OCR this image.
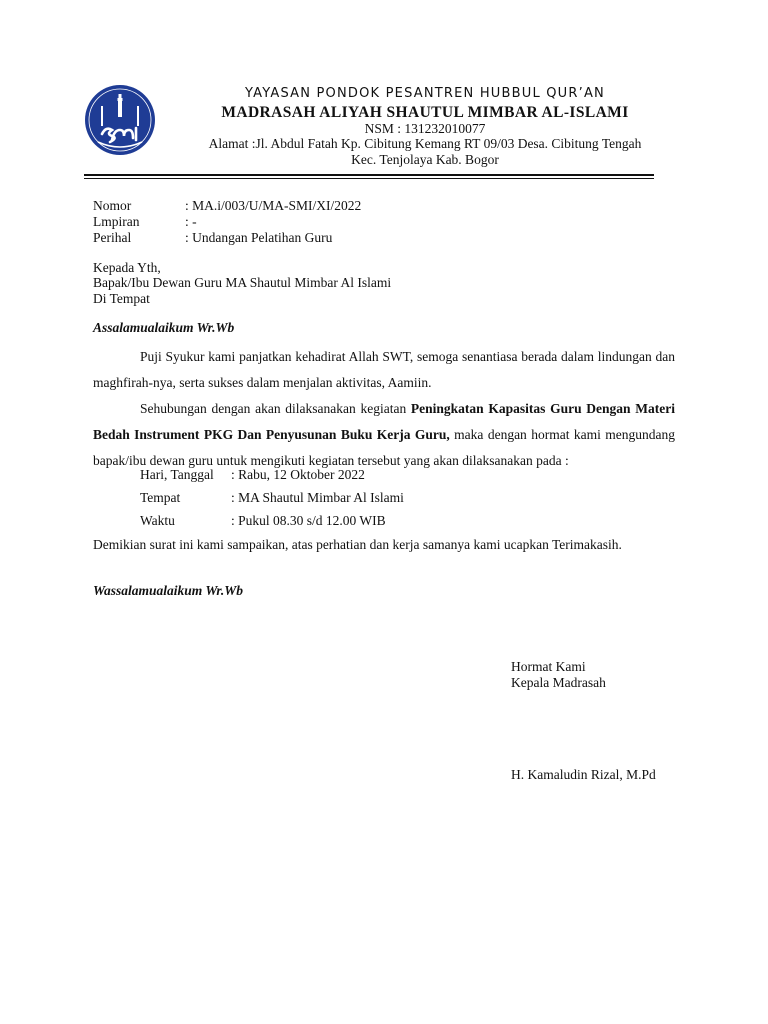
YAYASAN PONDOK PESANTREN HUBBUL QUR’AN
MADRASAH ALIYAH SHAUTUL MIMBAR AL-ISLAMI
NSM : 131232010077
Alamat :Jl. Abdul Fatah Kp. Cibitung Kemang RT 09/03 Desa. Cibitung Tengah
Kec. Tenjolaya Kab. Bogor
Nomor	: MA.i/003/U/MA-SMI/XI/2022
Lmpiran	: -
Perihal	: Undangan Pelatihan Guru
Kepada Yth,
Bapak/Ibu Dewan Guru MA Shautul Mimbar Al Islami
Di Tempat
Assalamualaikum Wr.Wb

Puji Syukur kami panjatkan kehadirat Allah SWT, semoga senantiasa berada dalam lindungan dan maghfirah-nya, serta sukses dalam menjalan aktivitas, Aamiin.

Sehubungan dengan akan dilaksanakan kegiatan Peningkatan Kapasitas Guru Dengan Materi Bedah Instrument PKG Dan Penyusunan Buku Kerja Guru, maka dengan hormat kami mengundang bapak/ibu dewan guru untuk mengikuti kegiatan tersebut yang akan dilaksanakan pada :

Hari, Tanggal : Rabu, 12 Oktober 2022
Tempat	: MA Shautul Mimbar Al Islami
Waktu	: Pukul 08.30 s/d 12.00 WIB
Demikian surat ini kami sampaikan, atas perhatian dan kerja samanya kami ucapkan Terimakasih.
Wassalamualaikum Wr.Wb
Hormat Kami
Kepala Madrasah
H. Kamaludin Rizal, M.Pd
